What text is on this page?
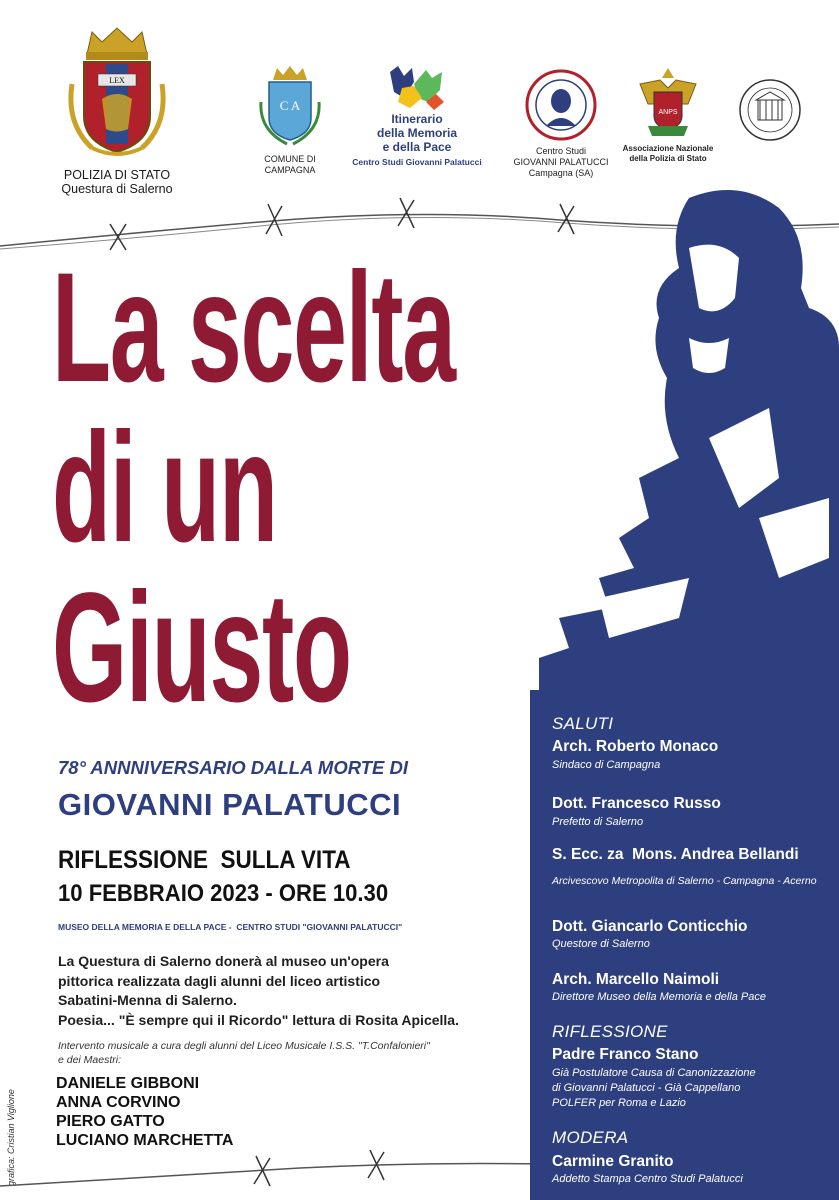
LEX
POLIZIA DI STATO
Questura di Salerno
C A
COMUNE DI CAMPAGNA
Itinerario
della Memoria
e della Pace
Centro Studi Giovanni Palatucci
Centro Studi
GIOVANNI PALATUCCI
Campagna (SA)
ANPS
Associazione Nazionale
della Polizia di Stato
La scelta
di un
Giusto
78° ANNNIVERSARIO DALLA MORTE DI
GIOVANNI PALATUCCI
RIFLESSIONE  SULLA VITA
10 FEBBRAIO 2023 - ORE 10.30
MUSEO DELLA MEMORIA E DELLA PACE -  CENTRO STUDI "GIOVANNI PALATUCCI"
La Questura di Salerno donerà al museo un'opera
pittorica realizzata dagli alunni del liceo artistico
Sabatini-Menna di Salerno.
Poesia... "È sempre qui il Ricordo" lettura di Rosita Apicella.
Intervento musicale a cura degli alunni del Liceo Musicale I.S.S. "T.Confalonieri"
e dei Maestri:
DANIELE GIBBONI
ANNA CORVINO
PIERO GATTO
LUCIANO MARCHETTA
grafica: Cristian Viglione
SALUTI
Arch. Roberto Monaco
Sindaco di Campagna
Dott. Francesco Russo
Prefetto di Salerno
S. Ecc. za  Mons. Andrea Bellandi
Arcivescovo Metropolita di Salerno - Campagna - Acerno
Dott. Giancarlo Conticchio
Questore di Salerno
Arch. Marcello Naimoli
Direttore Museo della Memoria e della Pace
RIFLESSIONE
Padre Franco Stano
Già Postulatore Causa di Canonizzazione
di Giovanni Palatucci - Già Cappellano
POLFER per Roma e Lazio
MODERA
Carmine Granito
Addetto Stampa Centro Studi Palatucci
